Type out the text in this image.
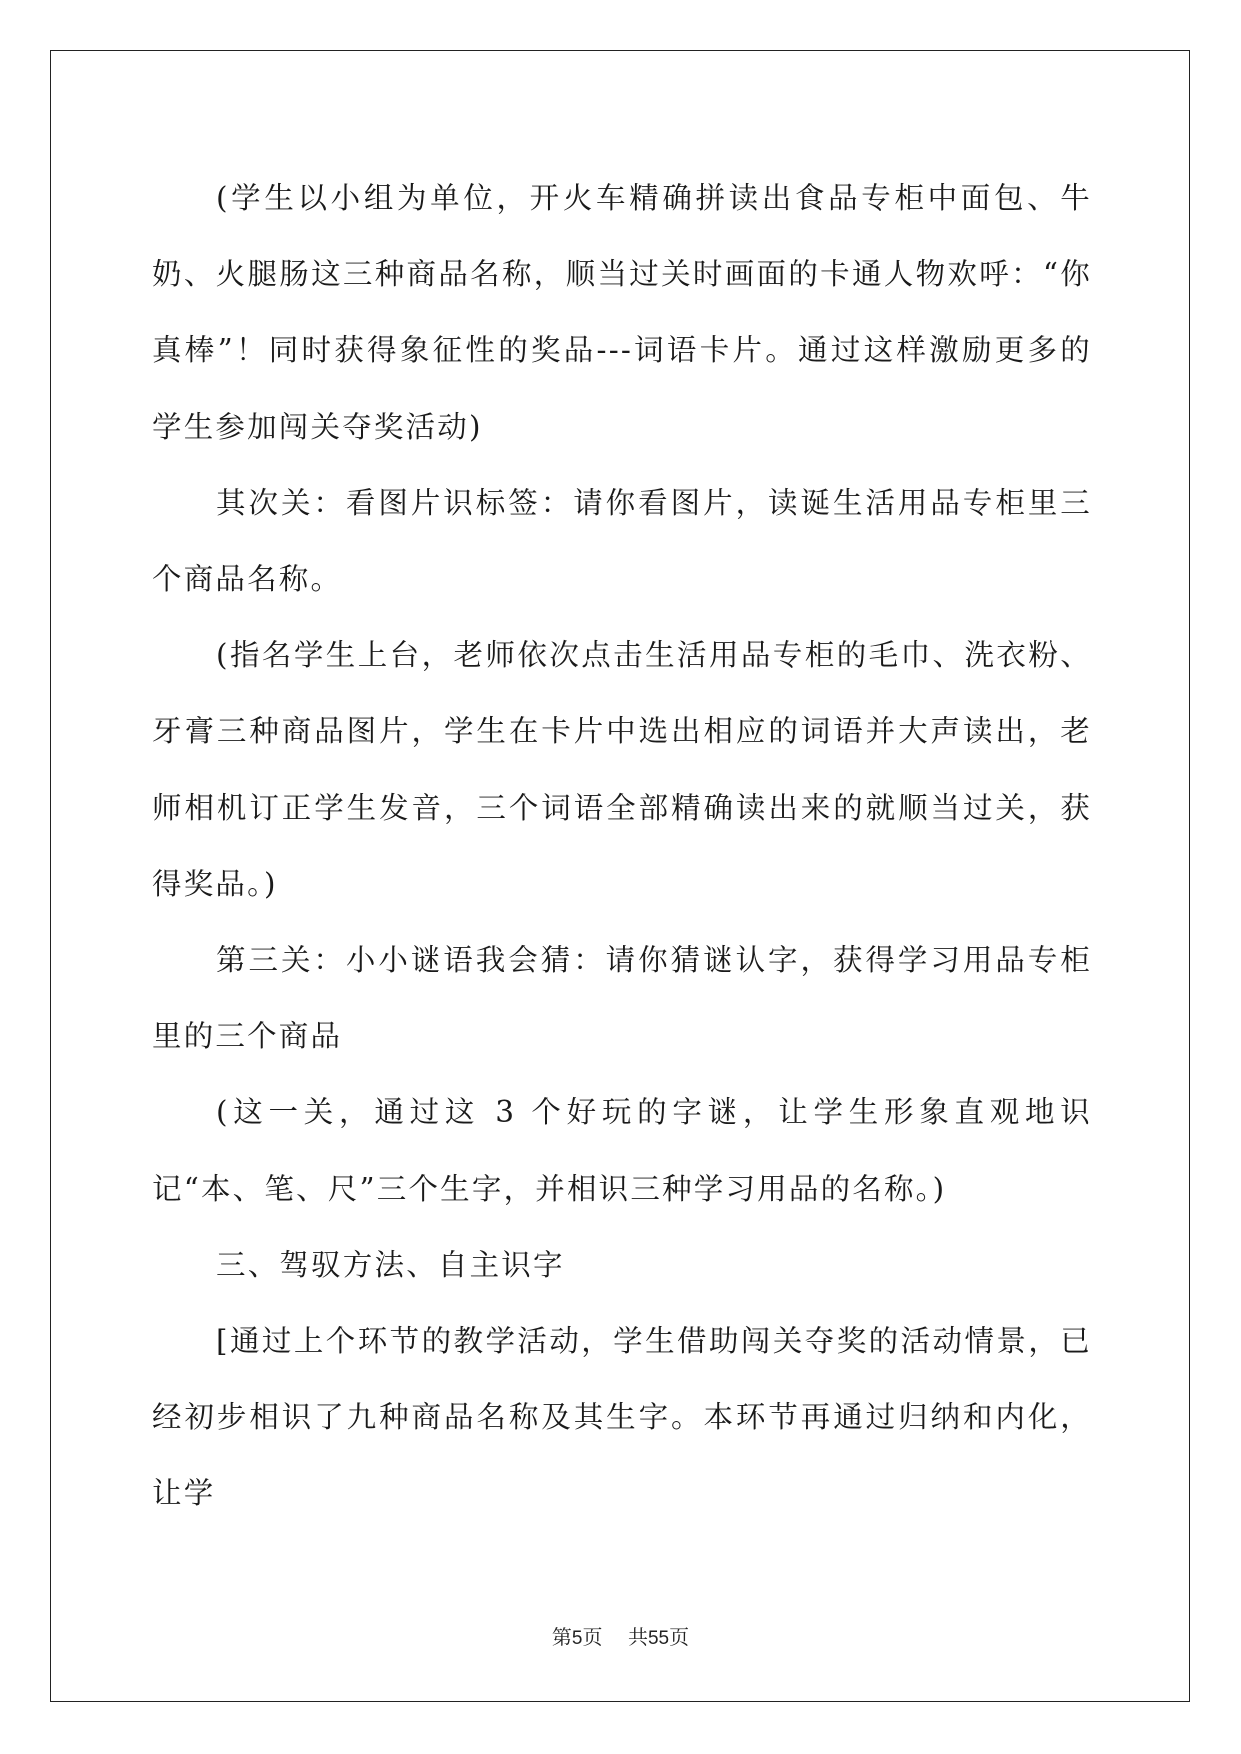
(学生以小组为单位，开火车精确拼读出食品专柜中面包、牛奶、火腿肠这三种商品名称，顺当过关时画面的卡通人物欢呼：“你真棒”！同时获得象征性的奖品---词语卡片。通过这样激励更多的学生参加闯关夺奖活动)

其次关：看图片识标签：请你看图片，读诞生活用品专柜里三个商品名称。

(指名学生上台，老师依次点击生活用品专柜的毛巾、洗衣粉、牙膏三种商品图片，学生在卡片中选出相应的词语并大声读出，老师相机订正学生发音，三个词语全部精确读出来的就顺当过关，获得奖品。)

第三关：小小谜语我会猜：请你猜谜认字，获得学习用品专柜里的三个商品

(这一关，通过这 3 个好玩的字谜，让学生形象直观地识记“本、笔、尺”三个生字，并相识三种学习用品的名称。)

三、驾驭方法、自主识字

[通过上个环节的教学活动，学生借助闯关夺奖的活动情景，已经初步相识了九种商品名称及其生字。本环节再通过归纳和内化，让学

第5页 共55页
